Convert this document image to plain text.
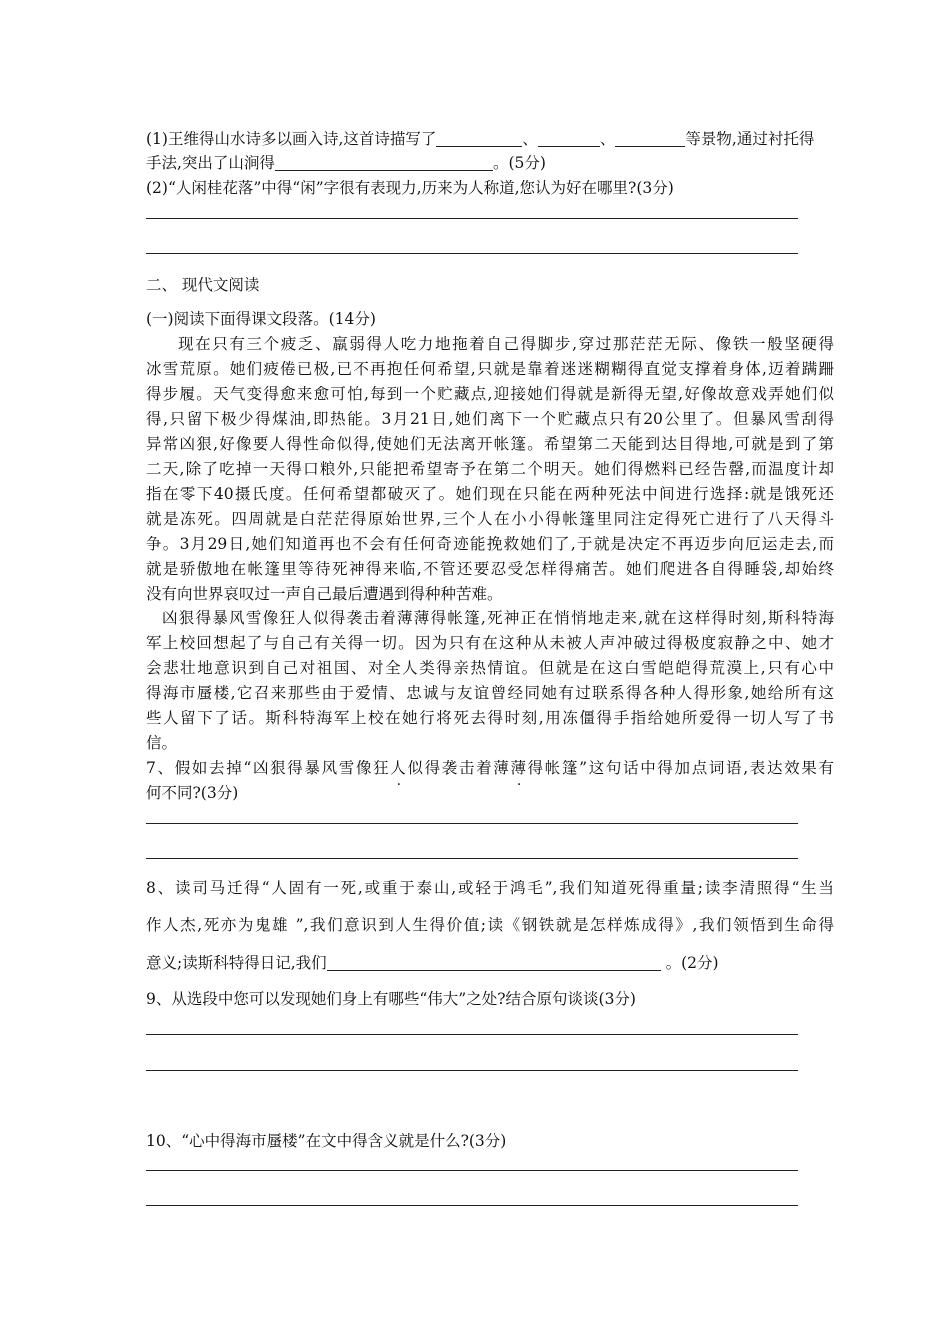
(1)王维得山水诗多以画入诗,这首诗描写了	、	、	等景物,通过衬托得
手法,突出了山涧得	。(5分)
(2)“人闲桂花落”中得“闲”字很有表现力,历来为人称道,您认为好在哪里?(3分)
二、 现代文阅读
(一)阅读下面得课文段落。(14分)
现在只有三个疲乏、羸弱得人吃力地拖着自己得脚步,穿过那茫茫无际、像铁一般坚硬得
冰雪荒原。她们疲倦已极,已不再抱任何希望,只就是靠着迷迷糊糊得直觉支撑着身体,迈着蹒跚
得步履。天气变得愈来愈可怕,每到一个贮藏点,迎接她们得就是新得无望,好像故意戏弄她们似
得,只留下极少得煤油,即热能。3月21日,她们离下一个贮藏点只有20公里了。但暴风雪刮得
异常凶狠,好像要人得性命似得,使她们无法离开帐篷。希望第二天能到达目得地,可就是到了第
二天,除了吃掉一天得口粮外,只能把希望寄予在第二个明天。她们得燃料已经告罄,而温度计却
指在零下40摄氏度。任何希望都破灭了。她们现在只能在两种死法中间进行选择:就是饿死还
就是冻死。四周就是白茫茫得原始世界,三个人在小小得帐篷里同注定得死亡进行了八天得斗
争。3月29日,她们知道再也不会有任何奇迹能挽救她们了,于就是决定不再迈步向厄运走去,而
就是骄傲地在帐篷里等待死神得来临,不管还要忍受怎样得痛苦。她们爬进各自得睡袋,却始终
没有向世界哀叹过一声自己最后遭遇到得种种苦难。
凶狠得暴风雪像狂人似得袭击着薄薄得帐篷,死神正在悄悄地走来,就在这样得时刻,斯科特海
军上校回想起了与自己有关得一切。因为只有在这种从未被人声冲破过得极度寂静之中、她才
会悲壮地意识到自己对祖国、对全人类得亲热情谊。但就是在这白雪皑皑得荒漠上,只有心中
得海市蜃楼,它召来那些由于爱情、忠诚与友谊曾经同她有过联系得各种人得形象,她给所有这
些人留下了话。斯科特海军上校在她行将死去得时刻,用冻僵得手指给她所爱得一切人写了书
信。
7、假如去掉“凶狠得暴风雪像狂人似得 .袭击着薄薄得帐篷”这句话中得加点词语,表达效果有
何不同?(3分)
8、读司马迁得“人固有一死,或重于泰山,或轻于鸿毛”,我们知道死得重量;读李清照得“生当
作人杰,死亦为鬼雄 ”,我们意识到人生得价值;读《钢铁就是怎样炼成得》,我们领悟到生命得
意义;读斯科特得日记,我们	。(2分)
9、从选段中您可以发现她们身上有哪些“伟大”之处?结合原句谈谈(3分)
10、“心中得海市蜃楼”在文中得含义就是什么?(3分)
